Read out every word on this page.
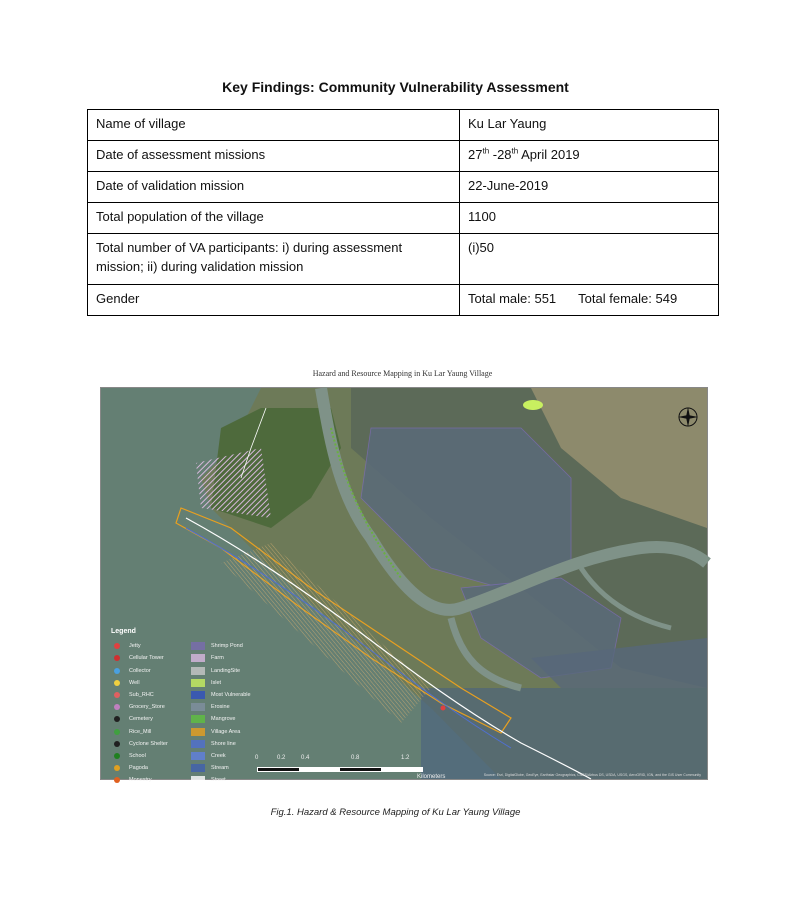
Key Findings: Community Vulnerability Assessment
Name of village	Ku Lar Yaung
Date of assessment missions	27th -28th April 2019
Date of validation mission	22-June-2019
Total population of the village	1100
Total number of VA participants: i) during assessment mission; ii) during validation mission	(i)50
Gender	Total male: 551 Total female: 549
Hazard and Resource Mapping in Ku Lar Yaung Village
Legend
Jetty
Cellular Tower
Collector
Well
Sub_RHC
Grocery_Store
Cemetery
Rice_Mill
Cyclone Shelter
School
Pagoda
Monestry
Shrimp Pond
Farm
LandingSite
Islet
Most Vulnerable
Erosine
Mangrove
Village Area
Shore line
Creek
Stream
Street
0	0.2	0.4	0.8	1.2
Kilometers	Source: Esri, DigitalGlobe, GeoEye, Earthstar Geographics, CNES/Airbus DS, USDA, USGS, AeroGRID, IGN, and the GIS User Community
Fig.1. Hazard & Resource Mapping of Ku Lar Yaung Village
